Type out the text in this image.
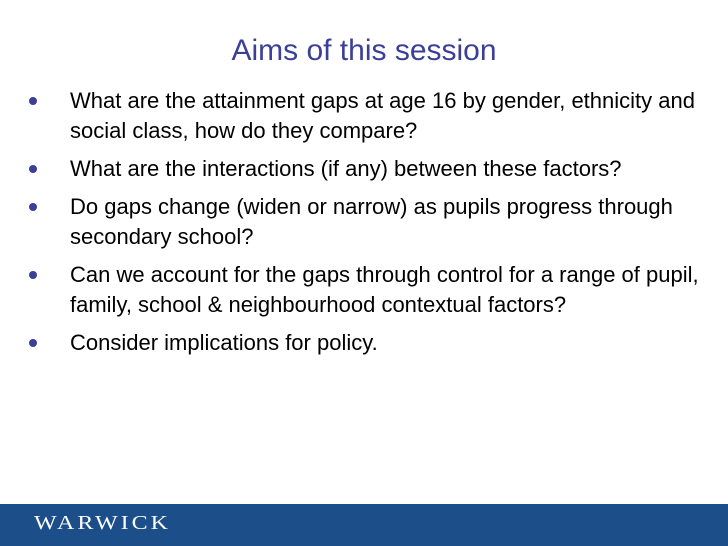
Aims of this session
What are the attainment gaps at age 16 by gender, ethnicity and social class, how do they compare?
What are the interactions (if any) between these factors?
Do gaps change (widen or narrow) as pupils progress through secondary school?
Can we account for the gaps through control for a range of pupil, family, school & neighbourhood contextual factors?
Consider implications for policy.
WARWICK
